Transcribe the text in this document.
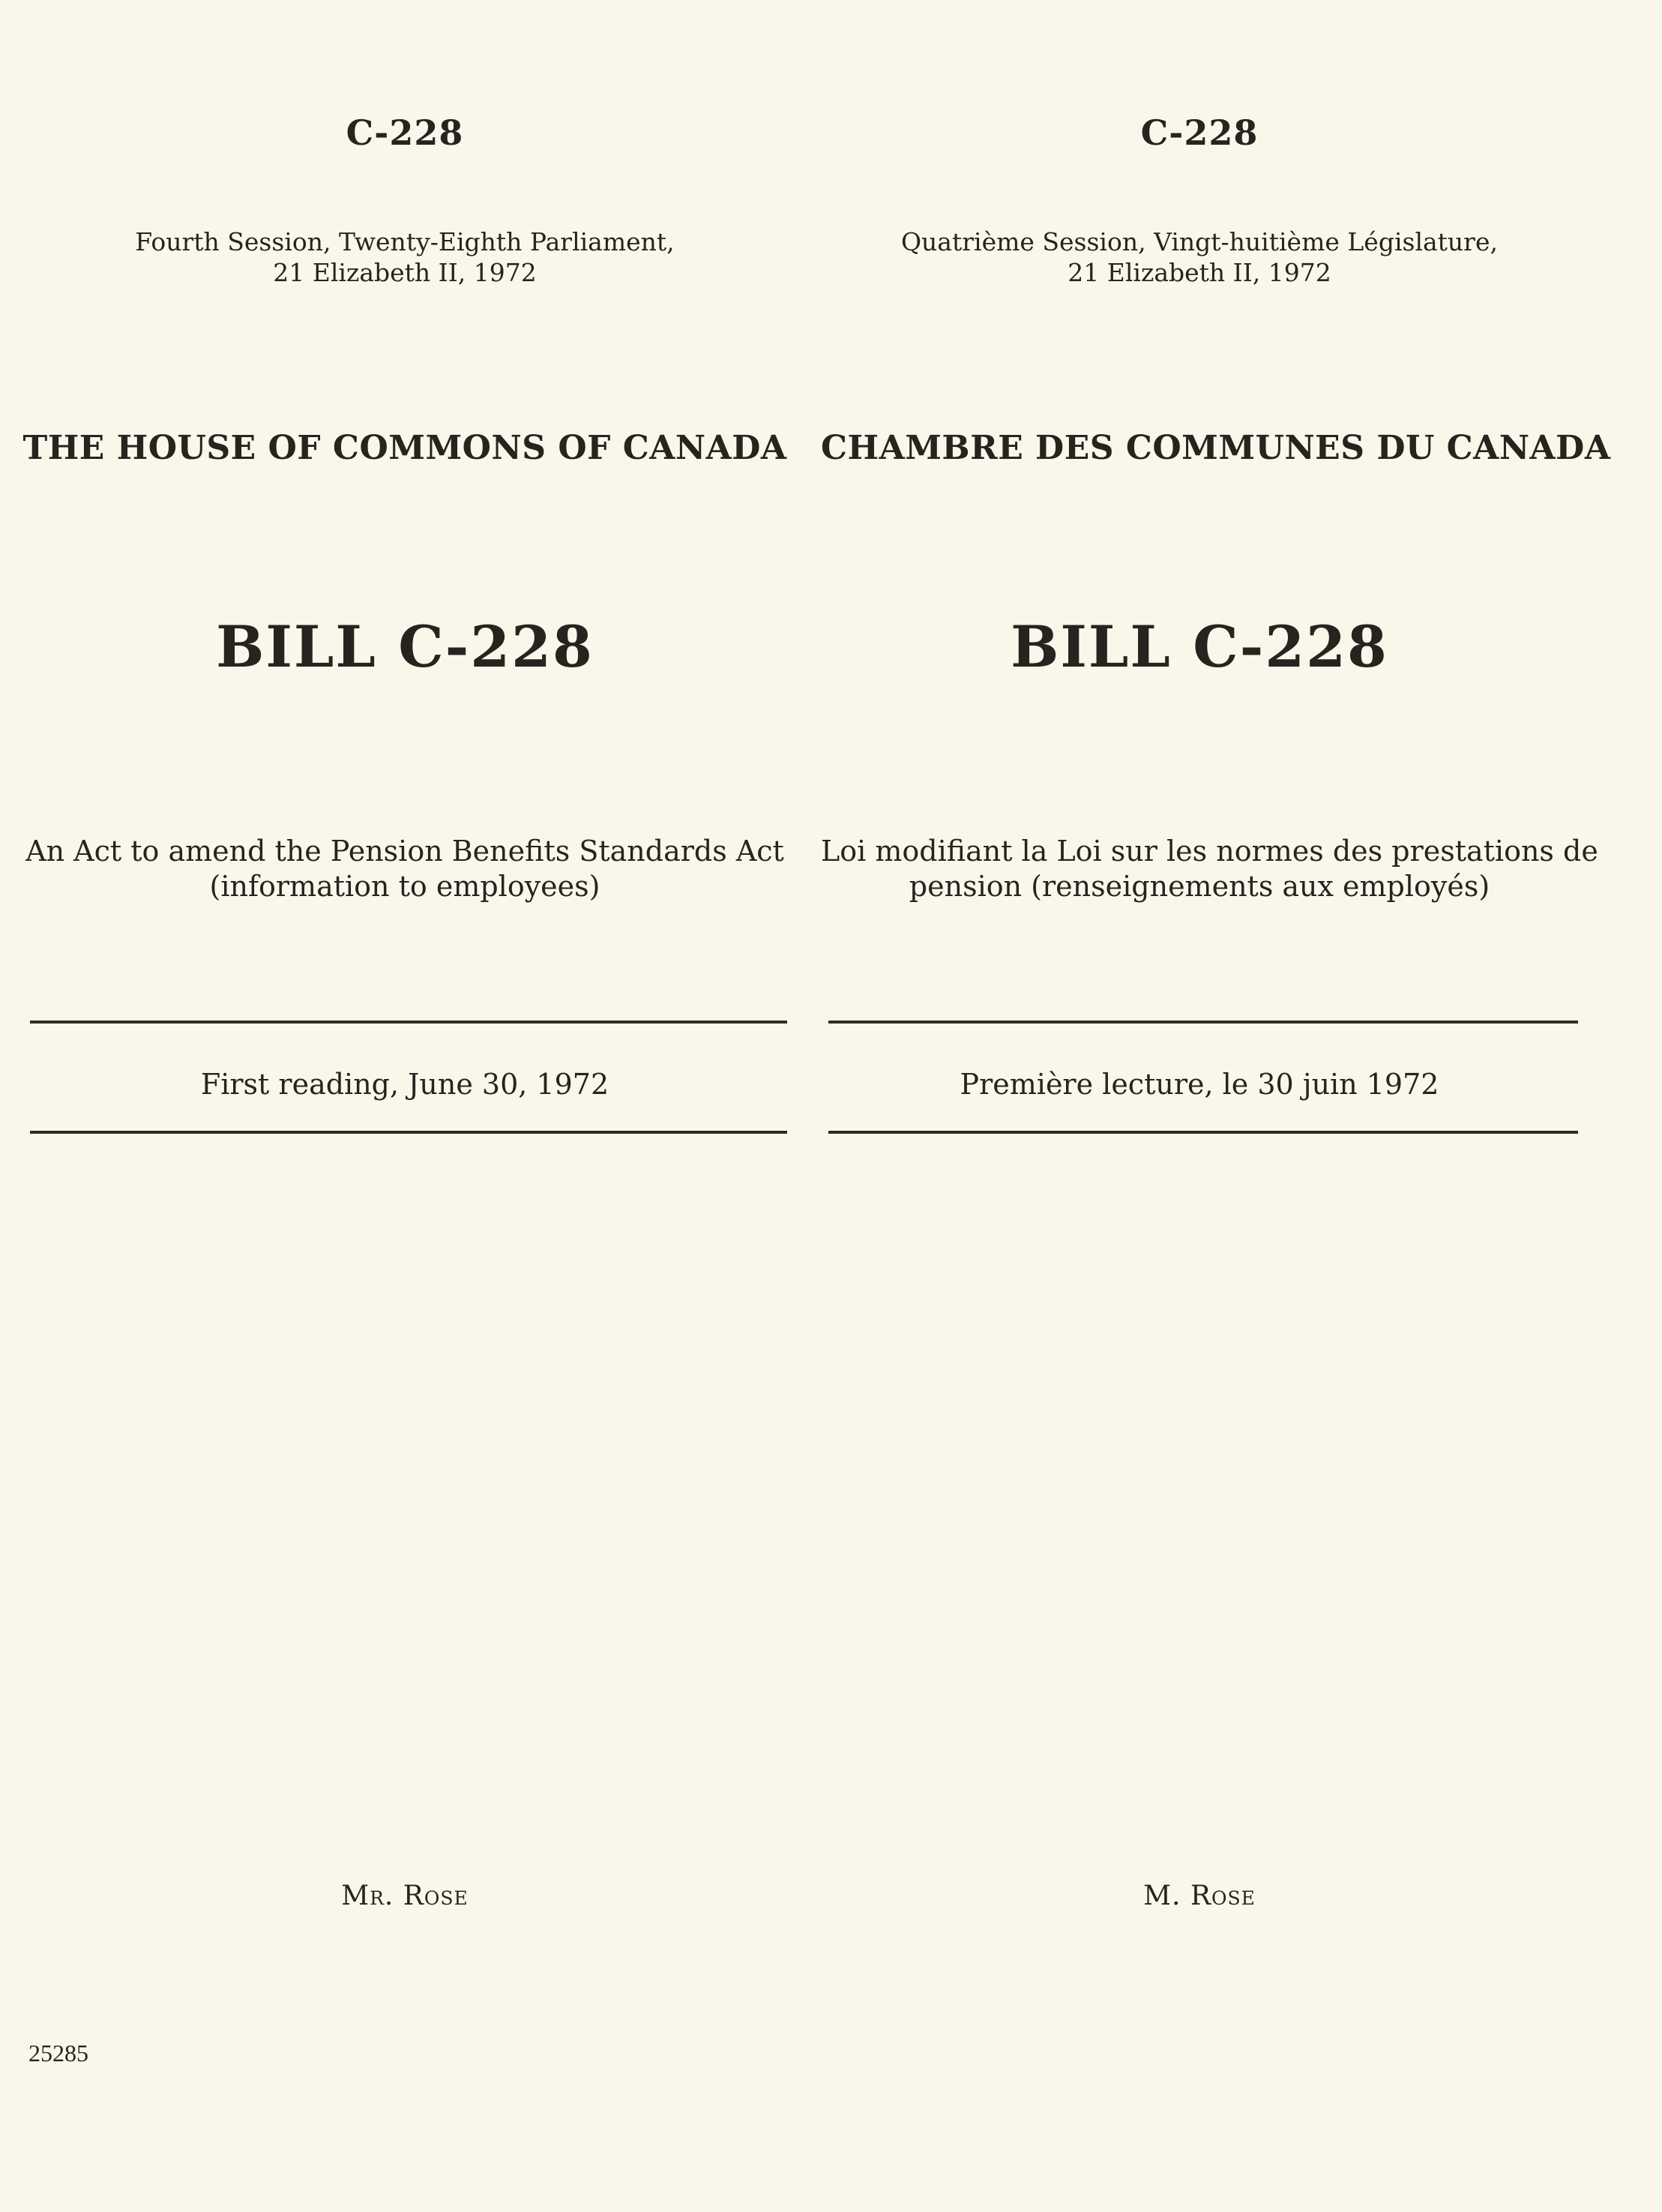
C-228
Fourth Session, Twenty-Eighth Parliament,
21 Elizabeth II, 1972
THE HOUSE OF COMMONS OF CANADA
BILL C-228
An Act to amend the Pension Benefits Standards Act
(information to employees)
First reading, June 30, 1972
Mr. Rose
C-228
Quatrième Session, Vingt-huitième Législature,
21 Elizabeth II, 1972
CHAMBRE DES COMMUNES DU CANADA
BILL C-228
Loi modifiant la Loi sur les normes des prestations de
pension (renseignements aux employés)
Première lecture, le 30 juin 1972
M. Rose
25285
